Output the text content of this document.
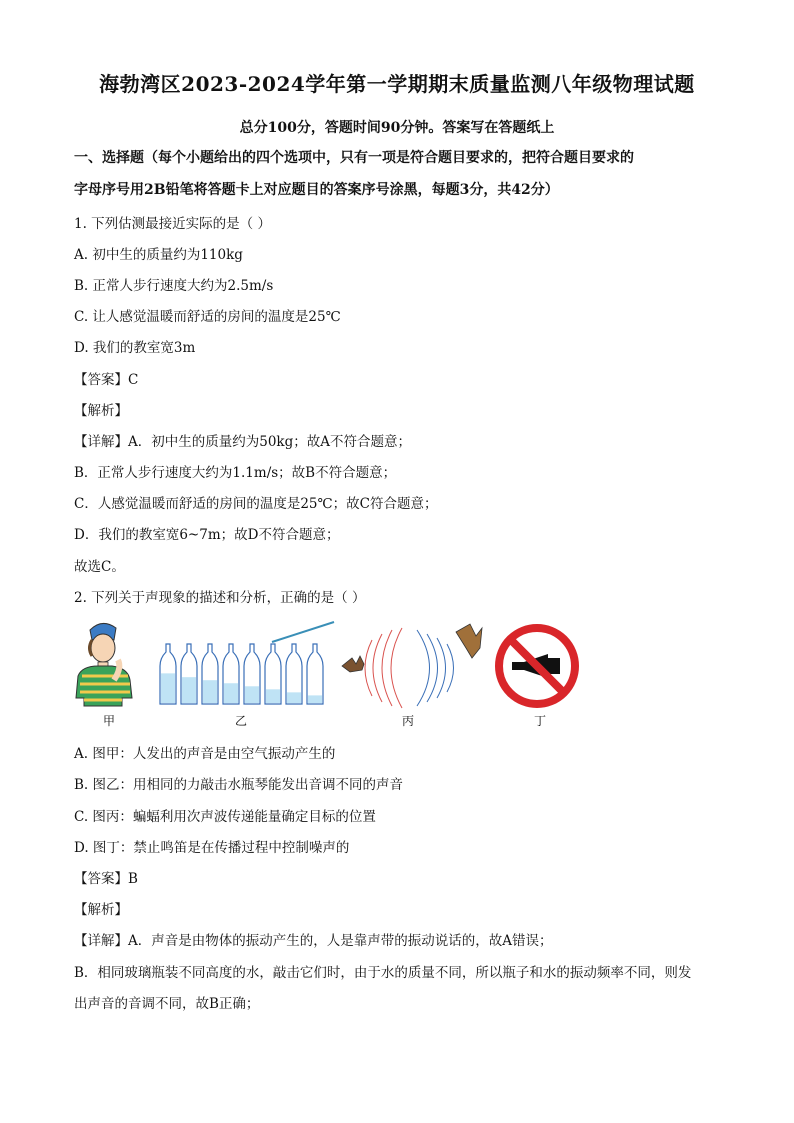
海勃湾区2023-2024学年第一学期期末质量监测八年级物理试题
总分100分，答题时间90分钟。答案写在答题纸上
一、选择题（每个小题给出的四个选项中，只有一项是符合题目要求的，把符合题目要求的
字母序号用2B铅笔将答题卡上对应题目的答案序号涂黑，每题3分，共42分）
1. 下列估测最接近实际的是（ ）
A. 初中生的质量约为110kg
B. 正常人步行速度大约为2.5m/s
C. 让人感觉温暖而舒适的房间的温度是25℃
D. 我们的教室宽3m
【答案】C
【解析】
【详解】A．初中生的质量约为50kg；故A不符合题意；
B．正常人步行速度大约为1.1m/s；故B不符合题意；
C．人感觉温暖而舒适的房间的温度是25℃；故C符合题意；
D．我们的教室宽6~7m；故D不符合题意；
故选C。
2. 下列关于声现象的描述和分析，正确的是（ ）
甲	乙	丙	丁
A. 图甲：人发出的声音是由空气振动产生的
B. 图乙：用相同的力敲击水瓶琴能发出音调不同的声音
C. 图丙：蝙蝠利用次声波传递能量确定目标的位置
D. 图丁：禁止鸣笛是在传播过程中控制噪声的
【答案】B
【解析】
【详解】A．声音是由物体的振动产生的，人是靠声带的振动说话的，故A错误；
B．相同玻璃瓶装不同高度的水，敲击它们时，由于水的质量不同，所以瓶子和水的振动频率不同，则发
出声音的音调不同，故B正确；
